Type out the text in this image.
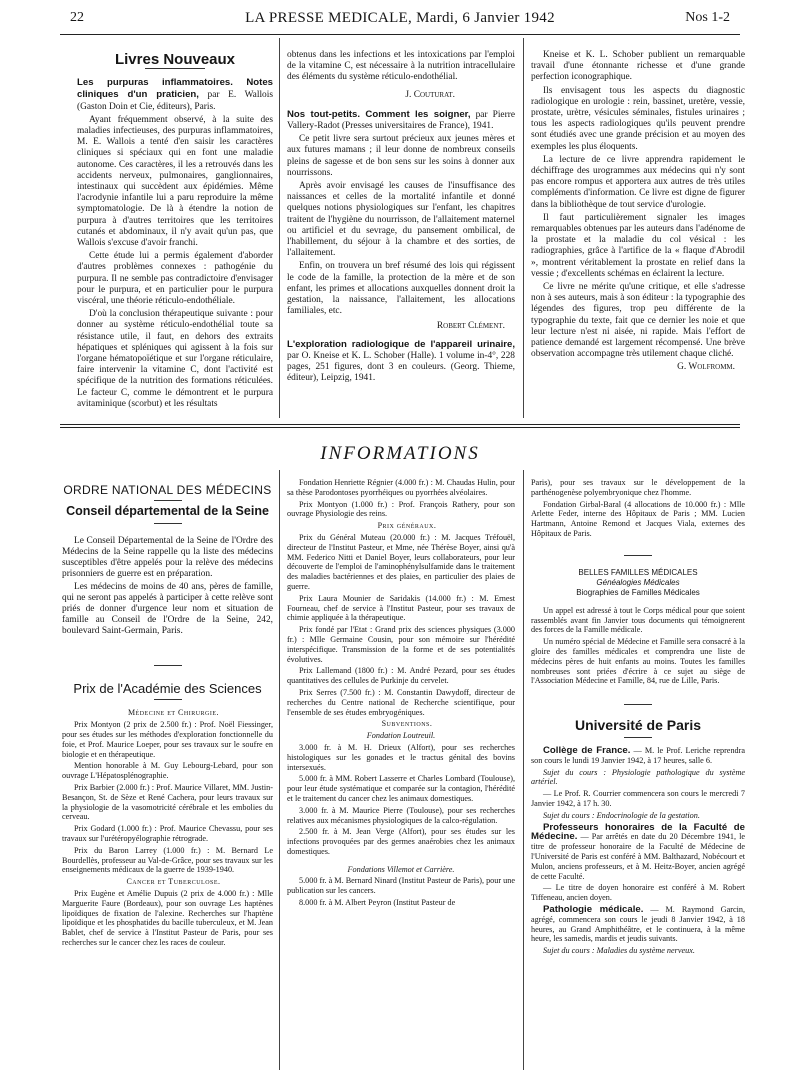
22	LA PRESSE MEDICALE, Mardi, 6 Janvier 1942	Nos 1-2
Livres Nouveaux

Les purpuras inflammatoires. Notes cliniques d'un praticien, par E. Wallois (Gaston Doin et Cie, éditeurs), Paris.

Ayant fréquemment observé, à la suite des maladies infectieuses, des purpuras inflammatoires, M. E. Wallois a tenté d'en saisir les caractères cliniques si spéciaux qui en font une maladie autonome. Ces caractères, il les a retrouvés dans les accidents nerveux, pulmonaires, ganglionnaires, intestinaux qui succèdent aux épidémies. Même l'acrodynie infantile lui a paru reproduire la même symptomatologie. De là à étendre la notion de purpura à d'autres territoires que les territoires cutanés et abdominaux, il n'y avait qu'un pas, que Wallois s'excuse d'avoir franchi.

Cette étude lui a permis également d'aborder d'autres problèmes connexes : pathogénie du purpura. Il ne semble pas contradictoire d'envisager pour le purpura, et en particulier pour le purpura viscéral, une théorie réticulo-endothéliale.

D'où la conclusion thérapeutique suivante : pour donner au système réticulo-endothélial toute sa résistance utile, il faut, en dehors des extraits hépatiques et spléniques qui agissent à la fois sur l'organe hématopoïétique et sur l'organe réticulaire, faire intervenir la vitamine C, dont l'activité est spécifique de la nutrition des formations réticulées. Le facteur C, comme le démontrent et le purpura avitaminique (scorbut) et les résultats

obtenus dans les infections et les intoxications par l'emploi de la vitamine C, est nécessaire à la nutrition intracellulaire des éléments du système réticulo-endothélial.

J. Couturat.

Nos tout-petits. Comment les soigner, par Pierre Vallery-Radot (Presses universitaires de France), 1941.

Ce petit livre sera surtout précieux aux jeunes mères et aux futures mamans ; il leur donne de nombreux conseils pleins de sagesse et de bon sens sur les soins à donner aux nourrissons.

Après avoir envisagé les causes de l'insuffisance des naissances et celles de la mortalité infantile et donné quelques notions physiologiques sur l'enfant, les chapitres traitent de l'hygiène du nourrisson, de l'allaitement maternel ou artificiel et du sevrage, du pansement ombilical, de l'habillement, du séjour à la chambre et des sorties, de l'allaitement.

Enfin, on trouvera un bref résumé des lois qui régissent le code de la famille, la protection de la mère et de son enfant, les primes et allocations auxquelles donnent droit la gestation, la naissance, l'allaitement, les allocations familiales, etc.

Robert Clément.

L'exploration radiologique de l'appareil urinaire, par O. Kneise et K. L. Schober (Halle). 1 volume in-4°, 228 pages, 251 figures, dont 3 en couleurs. (Georg. Thieme, éditeur), Leipzig, 1941.

Kneise et K. L. Schober publient un remarquable travail d'une étonnante richesse et d'une grande perfection iconographique.

Ils envisagent tous les aspects du diagnostic radiologique en urologie : rein, bassinet, uretère, vessie, prostate, urètre, vésicules séminales, fistules urinaires ; tous les aspects radiologiques qu'ils peuvent prendre sont étudiés avec une grande précision et au moyen des exemples les plus éloquents.

La lecture de ce livre apprendra rapidement le déchiffrage des urogrammes aux médecins qui n'y sont pas encore rompus et apportera aux autres de très utiles compléments d'information. Ce livre est digne de figurer dans la bibliothèque de tout service d'urologie.

Il faut particulièrement signaler les images remarquables obtenues par les auteurs dans l'adénome de la prostate et la maladie du col vésical : les radiographies, grâce à l'artifice de la « flaque d'Abrodil », montrent véritablement la prostate en relief dans la vessie ; d'excellents schémas en éclairent la lecture.

Ce livre ne mérite qu'une critique, et elle s'adresse non à ses auteurs, mais à son éditeur : la typographie des légendes des figures, trop peu différente de la typographie du texte, fait que ce dernier les noie et que leur lecture n'est ni aisée, ni rapide. Mais l'effort de patience demandé est largement récompensé. Une brève observation accompagne très utilement chaque cliché.

G. Wolfromm.

INFORMATIONS
ORDRE NATIONAL DES MÉDECINS
Conseil départemental de la Seine

Le Conseil Départemental de la Seine de l'Ordre des Médecins de la Seine rappelle qu la liste des médecins susceptibles d'être appelés pour la relève des médecins prisonniers de guerre est en préparation.

Les médecins de moins de 40 ans, pères de famille, qui ne seront pas appelés à participer à cette relève sont priés de donner d'urgence leur nom et situation de famille au Conseil de l'Ordre de la Seine, 242, boulevard Saint-Germain, Paris.

Prix de l'Académie des Sciences

Médecine et Chirurgie.

Prix Montyon (2 prix de 2.500 fr.) : Prof. Noël Fiessinger, pour ses études sur les méthodes d'exploration fonctionnelle du foie, et Prof. Maurice Loeper, pour ses travaux sur le soufre en biologie et en thérapeutique.

Mention honorable à M. Guy Lebourg-Lebard, pour son ouvrage L'Hépatosplénographie.

Prix Barbier (2.000 fr.) : Prof. Maurice Villaret, MM. Justin-Besançon, St. de Sèze et René Cachera, pour leurs travaux sur la physiologie de la vasomotricité cérébrale et les embolies du cerveau.

Prix Godard (1.000 fr.) : Prof. Maurice Chevassu, pour ses travaux sur l'urétéropyélographie rétrograde.

Prix du Baron Larrey (1.000 fr.) : M. Bernard Le Bourdellès, professeur au Val-de-Grâce, pour ses travaux sur les enseignements médicaux de la guerre de 1939-1940.

Cancer et Tuberculose.

Prix Eugène et Amélie Dupuis (2 prix de 4.000 fr.) : Mlle Marguerite Faure (Bordeaux), pour son ouvrage Les haptènes lipoïdiques de fixation de l'alexine. Recherches sur l'haptène lipoïdique et les phosphatides du bacille tuberculeux, et M. Jean Bablet, chef de service à l'Institut Pasteur de Paris, pour ses recherches sur le cancer chez les races de couleur.

Fondation Henriette Régnier (4.000 fr.) : M. Chaudas Hulin, pour sa thèse Parodontoses pyorrhéiques ou pyorrhées alvéolaires.

Prix Montyon (1.000 fr.) : Prof. François Rathery, pour son ouvrage Physiologie des reins.

Prix généraux.

Prix du Général Muteau (20.000 fr.) : M. Jacques Tréfouël, directeur de l'Institut Pasteur, et Mme, née Thérèse Boyer, ainsi qu'à MM. Federico Nitti et Daniel Boyer, leurs collaborateurs, pour leur découverte de l'emploi de l'aminophénylsulfamide dans le traitement des maladies bactériennes et des plaies, en particulier des plaies de guerre.

Prix Laura Mounier de Saridakis (14.000 fr.) : M. Ernest Fourneau, chef de service à l'Institut Pasteur, pour ses travaux de chimie appliquée à la thérapeutique.

Prix fondé par l'Etat : Grand prix des sciences physiques (3.000 fr.) : Mlle Germaine Cousin, pour son mémoire sur l'hérédité interspécifique. Transmission de la forme et de ses potentialités évolutives.

Prix Lallemand (1800 fr.) : M. André Pezard, pour ses études quantitatives des cellules de Purkinje du cervelet.

Prix Serres (7.500 fr.) : M. Constantin Dawydoff, directeur de recherches du Centre national de Recherche scientifique, pour l'ensemble de ses études embryogéniques.

Subventions.

Fondation Loutreuil.

3.000 fr. à M. H. Drieux (Alfort), pour ses recherches histologiques sur les gonades et le tractus génital des bovins intersexués.

5.000 fr. à MM. Robert Lasserre et Charles Lombard (Toulouse), pour leur étude systématique et comparée sur la contagion, l'hérédité et le traitement du cancer chez les animaux domestiques.

3.000 fr. à M. Maurice Pierre (Toulouse), pour ses recherches relatives aux mécanismes physiologiques de la calco-régulation.

2.500 fr. à M. Jean Verge (Alfort), pour ses études sur les infections provoquées par des germes anaérobies chez les animaux domestiques.

Fondations Villemot et Carrière.

5.000 fr. à M. Bernard Ninard (Institut Pasteur de Paris), pour une publication sur les cancers.

8.000 fr. à M. Albert Peyron (Institut Pasteur de

Paris), pour ses travaux sur le développement de la parthénogenèse polyembryonique chez l'homme.

Fondation Girbal-Baral (4 allocations de 10.000 fr.) : Mlle Arlette Feder, interne des Hôpitaux de Paris ; MM. Lucien Hartmann, Antoine Remond et Jacques Viala, externes des Hôpitaux de Paris.

BELLES FAMILLES MÉDICALES
Généalogies Médicales
Biographies de Familles Médicales

Un appel est adressé à tout le Corps médical pour que soient rassemblés avant fin Janvier tous documents qui témoignerent des forces de la Famille médicale.

Un numéro spécial de Médecine et Famille sera consacré à la gloire des familles médicales et comprendra une liste de médecins pères de huit enfants au moins. Toutes les familles nombreuses sont priées d'écrire à ce sujet au siège de l'Association Médecine et Famille, 84, rue de Lille, Paris.

Université de Paris

Collège de France. — M. le Prof. Leriche reprendra son cours le lundi 19 Janvier 1942, à 17 heures, salle 6.

Sujet du cours : Physiologie pathologique du système artériel.

— Le Prof. R. Courrier commencera son cours le mercredi 7 Janvier 1942, à 17 h. 30.

Sujet du cours : Endocrinologie de la gestation.

Professeurs honoraires de la Faculté de Médecine. — Par arrêtés en date du 20 Décembre 1941, le titre de professeur honoraire de la Faculté de Médecine de l'Université de Paris est conféré à MM. Balthazard, Nobécourt et Mulon, anciens professeurs, et à M. Heitz-Boyer, ancien agrégé de cette Faculté.

— Le titre de doyen honoraire est conféré à M. Robert Tiffeneau, ancien doyen.

Pathologie médicale. — M. Raymond Garcin, agrégé, commencera son cours le jeudi 8 Janvier 1942, à 18 heures, au Grand Amphithéâtre, et le continuera, à la même heure, les samedis, mardis et jeudis suivants.

Sujet du cours : Maladies du système nerveux.
